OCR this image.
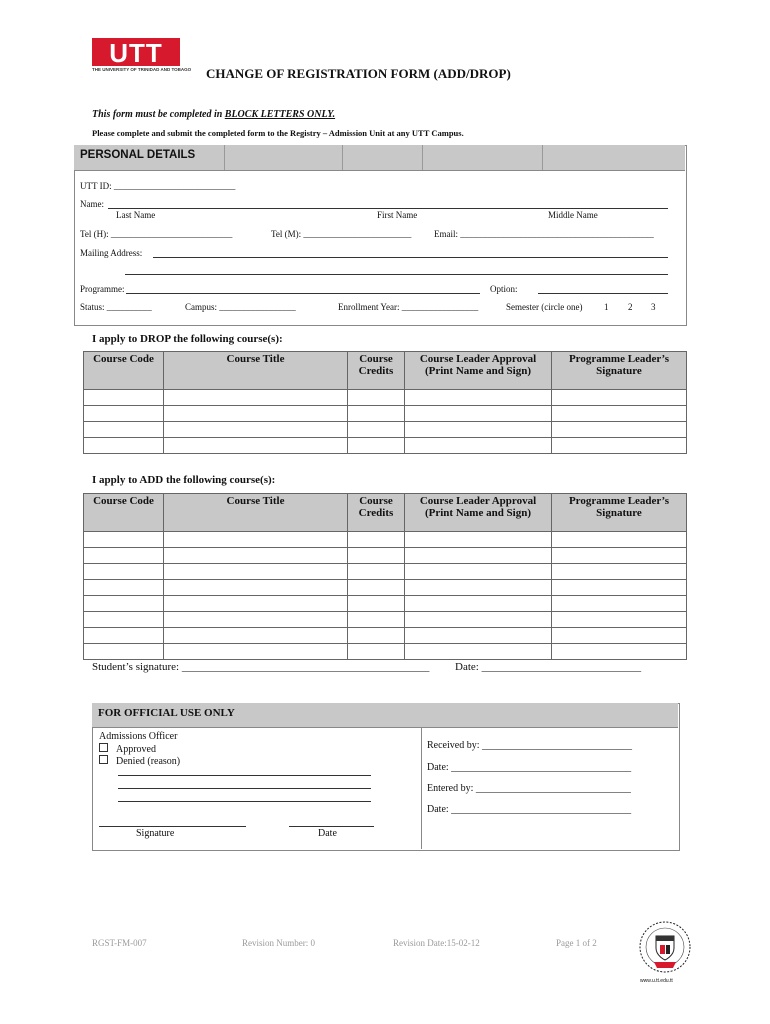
UTT
THE UNIVERSITY OF TRINIDAD AND TOBAGO CHANGE OF REGISTRATION FORM (ADD/DROP)
This form must be completed in BLOCK LETTERS ONLY.
Please complete and submit the completed form to the Registry – Admission Unit at any UTT Campus.
PERSONAL DETAILS
UTT ID: ___________________________
Name:
Last Name	First Name	Middle Name
Tel (H): ___________________________	Tel (M): ________________________	Email: ___________________________________________
Mailing Address:
Programme:	Option:
Status: __________	Campus: _________________	Enrollment Year: _________________	Semester (circle one) 1 2 3
I apply to DROP the following course(s):
Course Code	Course Title	Course Credits	Course Leader Approval (Print Name and Sign)	Programme Leader’s Signature

I apply to ADD the following course(s):
Course Code	Course Title	Course Credits	Course Leader Approval (Print Name and Sign)	Programme Leader’s Signature

Student’s signature: _____________________________________________ Date: _____________________________
FOR OFFICIAL USE ONLY
Admissions Officer
Approved
Denied (reason)
Signature	Date
Received by: ______________________________
Date: ____________________________________
Entered by: _______________________________
Date: ____________________________________
RGST-FM-007	Revision Number: 0	Revision Date:15-02-12	Page 1 of 2
www.u.tt.edu.tt
